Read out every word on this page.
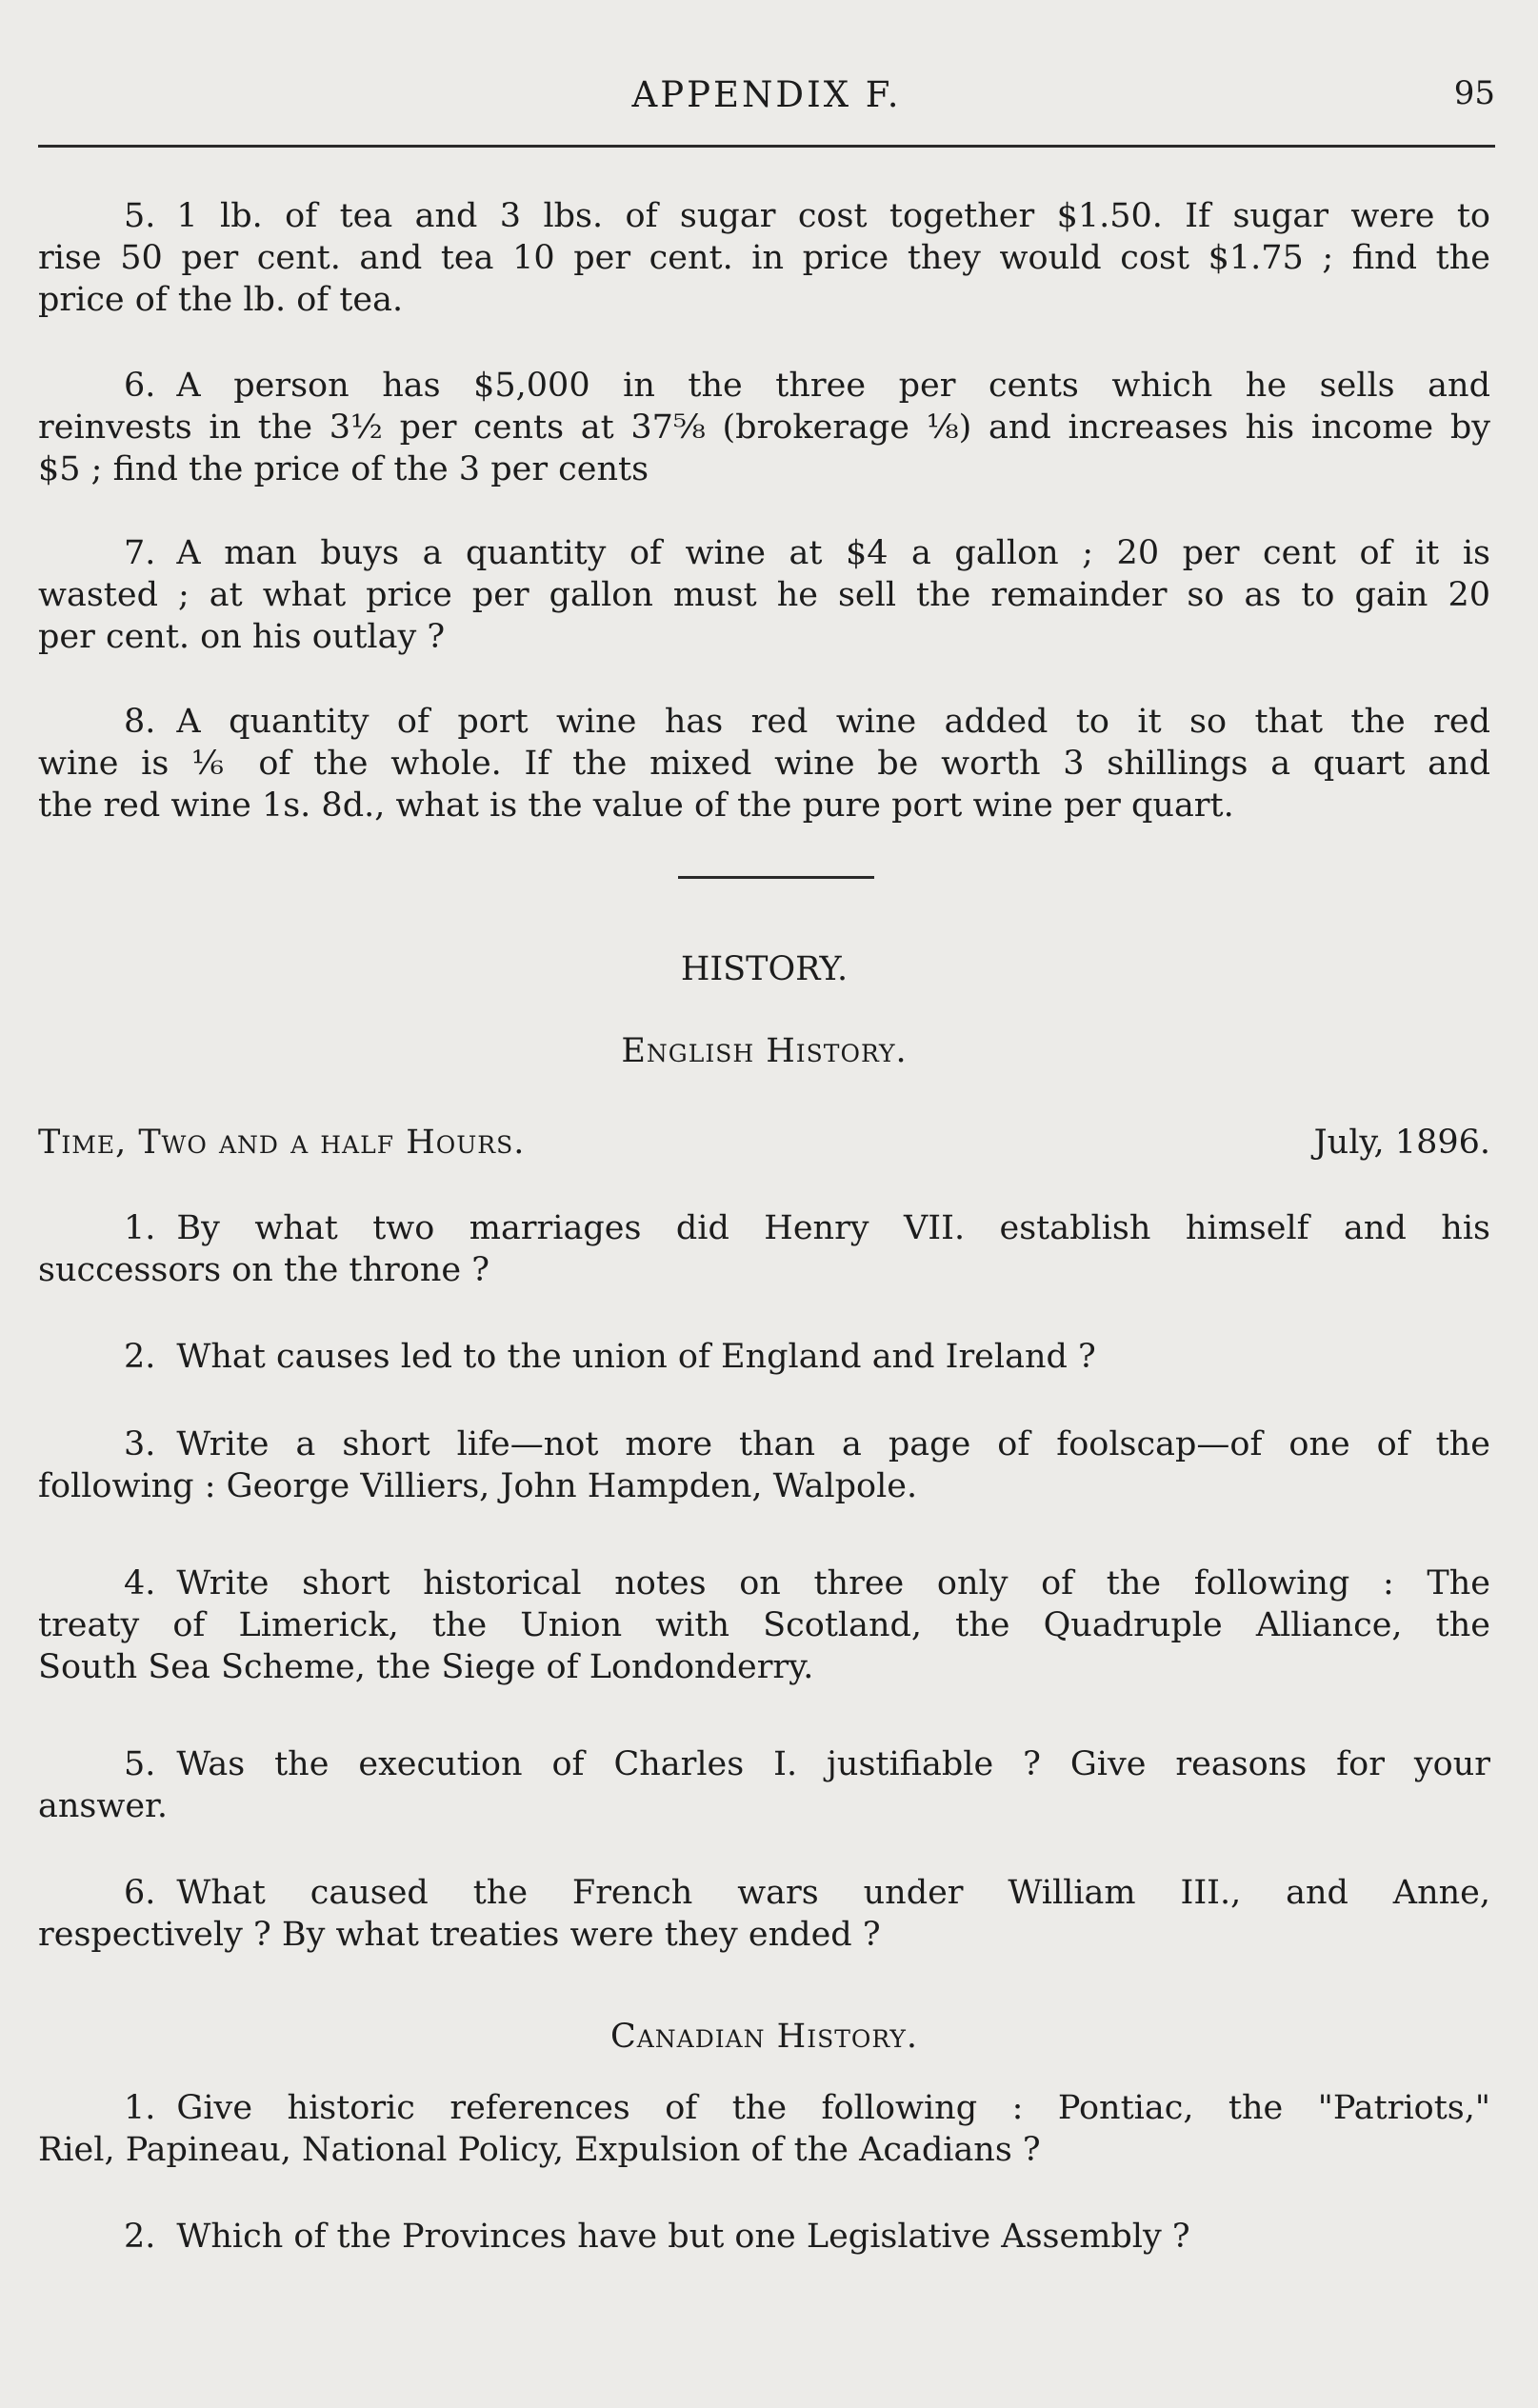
APPENDIX F.	95
5. 1 lb. of tea and 3 lbs. of sugar cost together $1.50. If sugar were to
rise 50 per cent. and tea 10 per cent. in price they would cost $1.75 ; find the
price of the lb. of tea.
6. A person has $5,000 in the three per cents which he sells and
reinvests in the 3½ per cents at 37⅝ (brokerage ⅛) and increases his income by
$5 ; find the price of the 3 per cents
7. A man buys a quantity of wine at $4 a gallon ; 20 per cent of it is
wasted ; at what price per gallon must he sell the remainder so as to gain 20
per cent. on his outlay ?
8. A quantity of port wine has red wine added to it so that the red
wine is ⅙ of the whole. If the mixed wine be worth 3 shillings a quart and
the red wine 1s. 8d., what is the value of the pure port wine per quart.
HISTORY.
English History.
Time, Two and a half Hours.	July, 1896.
1. By what two marriages did Henry VII. establish himself and his
successors on the throne ?
2. What causes led to the union of England and Ireland ?
3. Write a short life—not more than a page of foolscap—of one of the
following : George Villiers, John Hampden, Walpole.
4. Write short historical notes on three only of the following : The
treaty of Limerick, the Union with Scotland, the Quadruple Alliance, the
South Sea Scheme, the Siege of Londonderry.
5. Was the execution of Charles I. justifiable ? Give reasons for your
answer.
6. What caused the French wars under William III., and Anne,
respectively ? By what treaties were they ended ?
Canadian History.
1. Give historic references of the following : Pontiac, the "Patriots,"
Riel, Papineau, National Policy, Expulsion of the Acadians ?
2. Which of the Provinces have but one Legislative Assembly ?
